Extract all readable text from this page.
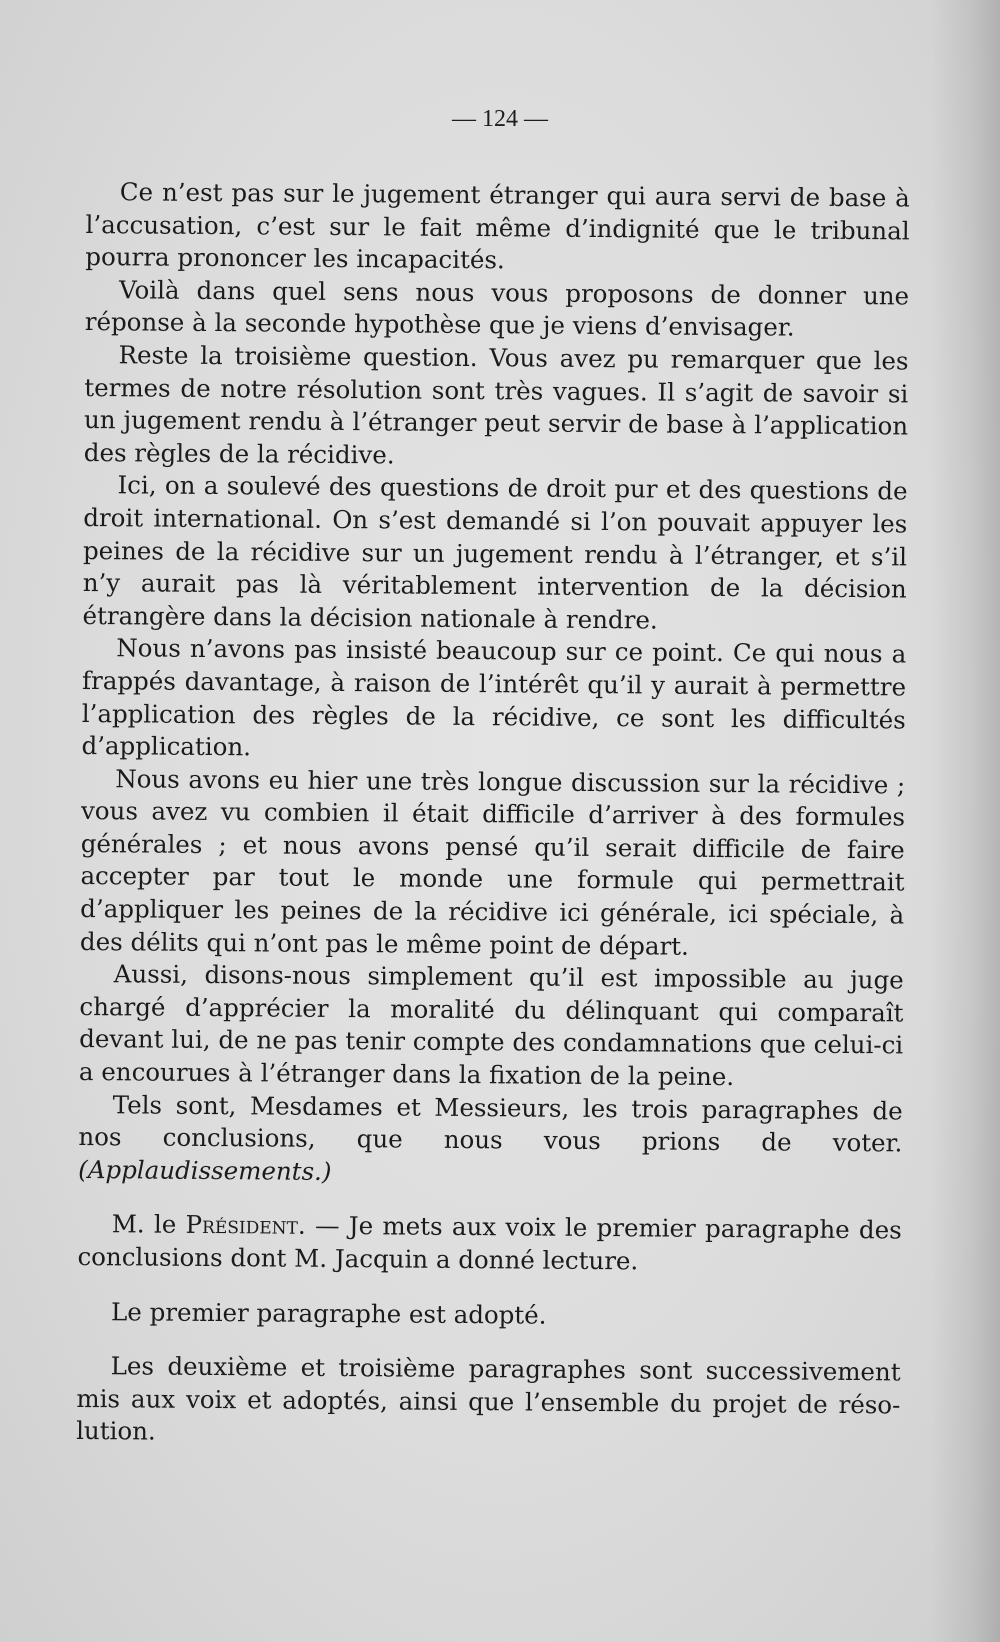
— 124 —

Ce n’est pas sur le jugement étranger qui aura servi de base à l’accusation, c’est sur le fait même d’indignité que le tribunal pourra prononcer les incapacités.

Voilà dans quel sens nous vous proposons de donner une réponse à la seconde hypothèse que je viens d’envisager.

Reste la troisième question. Vous avez pu remarquer que les termes de notre résolution sont très vagues. Il s’agit de savoir si un jugement rendu à l’étranger peut servir de base à l’application des règles de la récidive.

Ici, on a soulevé des questions de droit pur et des questions de droit international. On s’est demandé si l’on pouvait appuyer les peines de la récidive sur un jugement rendu à l’étranger, et s’il n’y aurait pas là véritablement intervention de la décision étrangère dans la décision nationale à rendre.

Nous n’avons pas insisté beaucoup sur ce point. Ce qui nous a frappés davantage, à raison de l’intérêt qu’il y aurait à permettre l’application des règles de la récidive, ce sont les difficultés d’application.

Nous avons eu hier une très longue discussion sur la récidive ; vous avez vu combien il était difficile d’arriver à des formules générales ; et nous avons pensé qu’il serait difficile de faire accepter par tout le monde une formule qui permettrait d’appliquer les peines de la récidive ici générale, ici spéciale, à des délits qui n’ont pas le même point de départ.

Aussi, disons-nous simplement qu’il est impossible au juge chargé d’apprécier la moralité du délinquant qui comparaît devant lui, de ne pas tenir compte des condamnations que celui-ci a encourues à l’étranger dans la fixation de la peine.

Tels sont, Mesdames et Messieurs, les trois paragraphes de nos conclusions, que nous vous prions de voter. (Applaudissements.)

M. le Président. — Je mets aux voix le premier paragraphe des conclusions dont M. Jacquin a donné lecture.

Le premier paragraphe est adopté.

Les deuxième et troisième paragraphes sont successivement mis aux voix et adoptés, ainsi que l’ensemble du projet de résolution.
